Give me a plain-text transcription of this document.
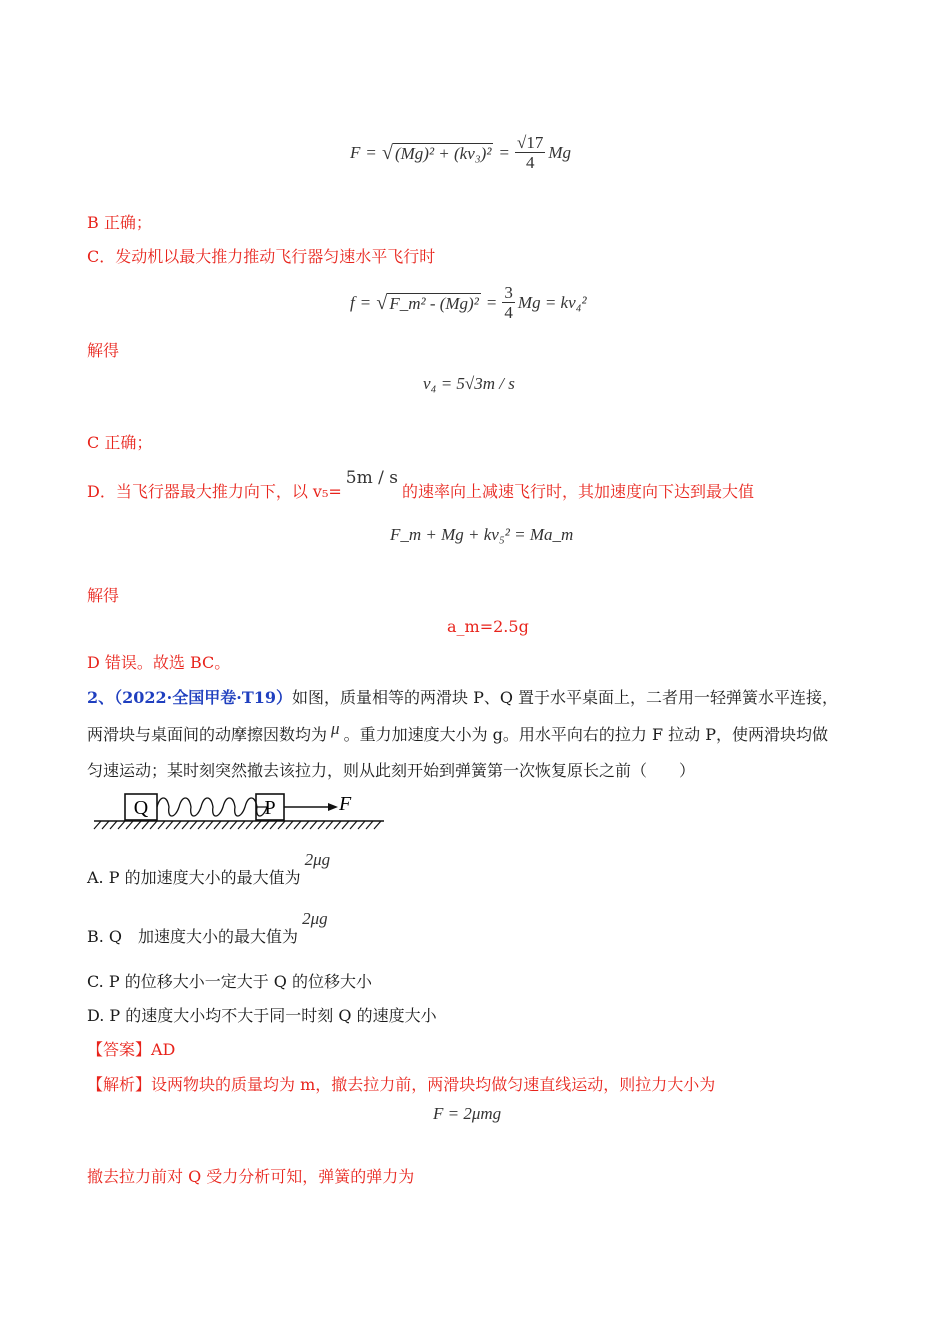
F = √ $(Mg)^2 + (kv_3)^2 = \frac{√17}{4}$ Mg
B 正确；
C．发动机以最大推力推动飞行器匀速水平飞行时
f = √ F_m² - $(Mg)^2 = \frac{3}{4}$ Mg = kv₄²
解得
v₄ = 5√3m / s
C 正确；
D．当飞行器最大推力向下，以 v₅=
5m / s
的速率向上减速飞行时，其加速度向下达到最大值
F_m + Mg + kv₅² = Ma_m
解得
a_m=2.5g
D 错误。故选 BC。
2、（2022·全国甲卷·T19）如图，质量相等的两滑块 P、Q 置于水平桌面上，二者用一轻弹簧水平连接，
两滑块与桌面间的动摩擦因数均为 μ 。重力加速度大小为 g。用水平向右的拉力 F 拉动 P，使两滑块均做
匀速运动；某时刻突然撤去该拉力，则从此刻开始到弹簧第一次恢复原长之前（　　）
Q	P	F
A. P 的加速度大小的最大值为
2μg
B. Q　加速度大小的最大值为
2μg
C. P 的位移大小一定大于 Q 的位移大小
D. P 的速度大小均不大于同一时刻 Q 的速度大小
【答案】AD
【解析】设两物块的质量均为 m，撤去拉力前，两滑块均做匀速直线运动，则拉力大小为
F = 2μmg
撤去拉力前对 Q 受力分析可知，弹簧的弹力为
